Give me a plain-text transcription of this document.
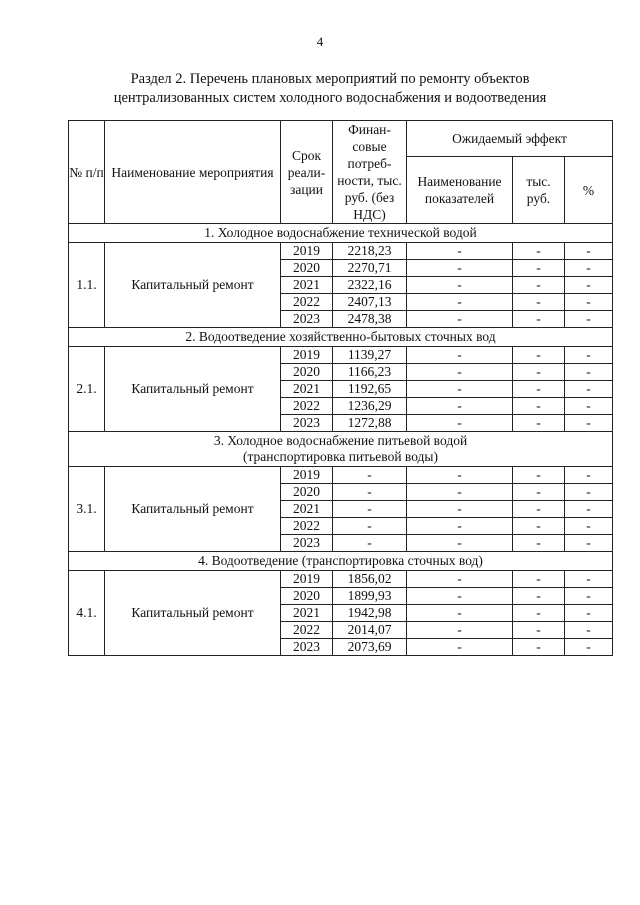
4
Раздел 2. Перечень плановых мероприятий по ремонту объектов
централизованных систем холодного водоснабжения и водоотведения
№ п/п	Наименование мероприятия	Срок реали-зации	Финан-совые потреб-ности, тыс. руб. (без НДС)	Ожидаемый эффект		
				Наименование показателей	тыс. руб.	%

1. Холодное водоснабжение технической водой						

1.1.	Капитальный ремонт	2019	2218,23	-	-	-
		2020	2270,71	-	-	-
		2021	2322,16	-	-	-
		2022	2407,13	-	-	-
		2023	2478,38	-	-	-

2. Водоотведение хозяйственно-бытовых сточных вод						

2.1.	Капитальный ремонт	2019	1139,27	-	-	-
		2020	1166,23	-	-	-
		2021	1192,65	-	-	-
		2022	1236,29	-	-	-
		2023	1272,88	-	-	-

3. Холодное водоснабжение питьевой водой
(транспортировка питьевой воды)						

3.1.	Капитальный ремонт	2019	-	-	-	-
		2020	-	-	-	-
		2021	-	-	-	-
		2022	-	-	-	-
		2023	-	-	-	-

4. Водоотведение (транспортировка сточных вод)						

4.1.	Капитальный ремонт	2019	1856,02	-	-	-
		2020	1899,93	-	-	-
		2021	1942,98	-	-	-
		2022	2014,07	-	-	-
		2023	2073,69	-	-	-
